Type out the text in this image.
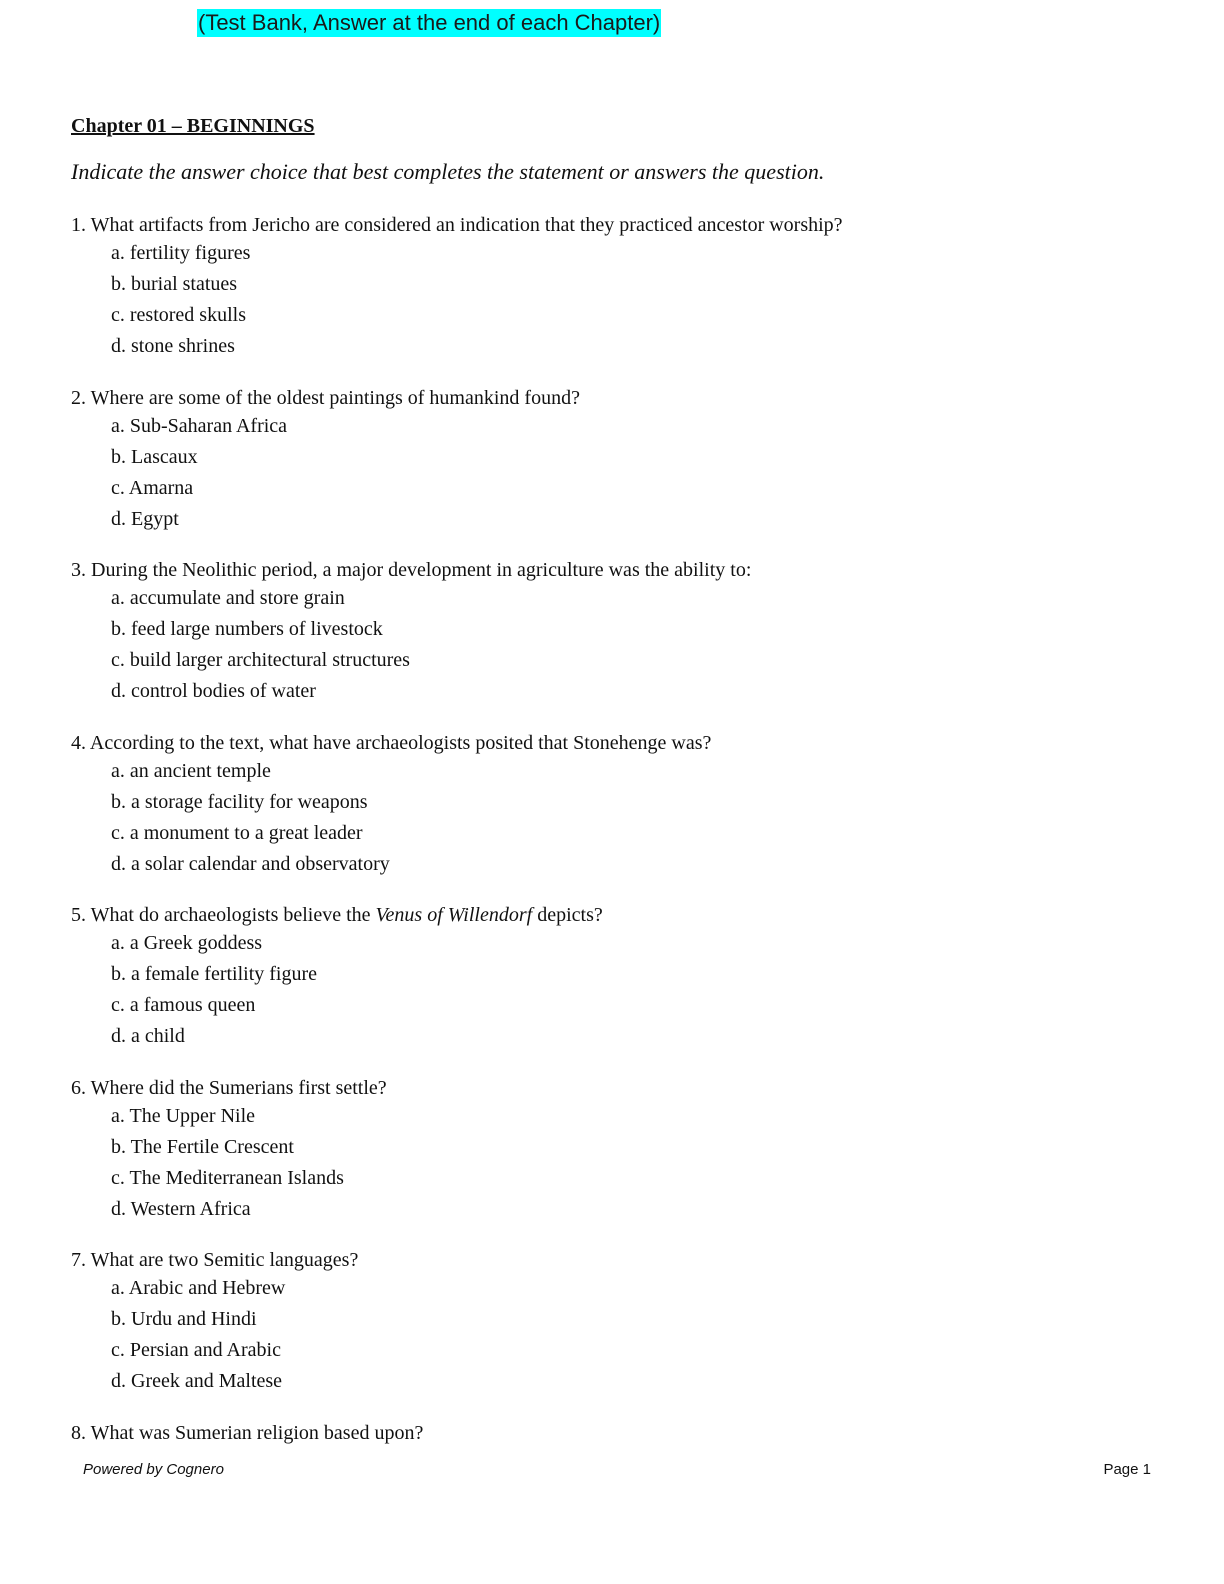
(Test Bank, Answer at the end of each Chapter)
Chapter 01 – BEGINNINGS
Indicate the answer choice that best completes the statement or answers the question.
1. What artifacts from Jericho are considered an indication that they practiced ancestor worship?
a. fertility figures
b. burial statues
c. restored skulls
d. stone shrines
2. Where are some of the oldest paintings of humankind found?
a. Sub-Saharan Africa
b. Lascaux
c. Amarna
d. Egypt
3. During the Neolithic period, a major development in agriculture was the ability to:
a. accumulate and store grain
b. feed large numbers of livestock
c. build larger architectural structures
d. control bodies of water
4. According to the text, what have archaeologists posited that Stonehenge was?
a. an ancient temple
b. a storage facility for weapons
c. a monument to a great leader
d. a solar calendar and observatory
5. What do archaeologists believe the Venus of Willendorf depicts?
a. a Greek goddess
b. a female fertility figure
c. a famous queen
d. a child
6. Where did the Sumerians first settle?
a. The Upper Nile
b. The Fertile Crescent
c. The Mediterranean Islands
d. Western Africa
7. What are two Semitic languages?
a. Arabic and Hebrew
b. Urdu and Hindi
c. Persian and Arabic
d. Greek and Maltese
8. What was Sumerian religion based upon?
Powered by Cognero	Page 1
